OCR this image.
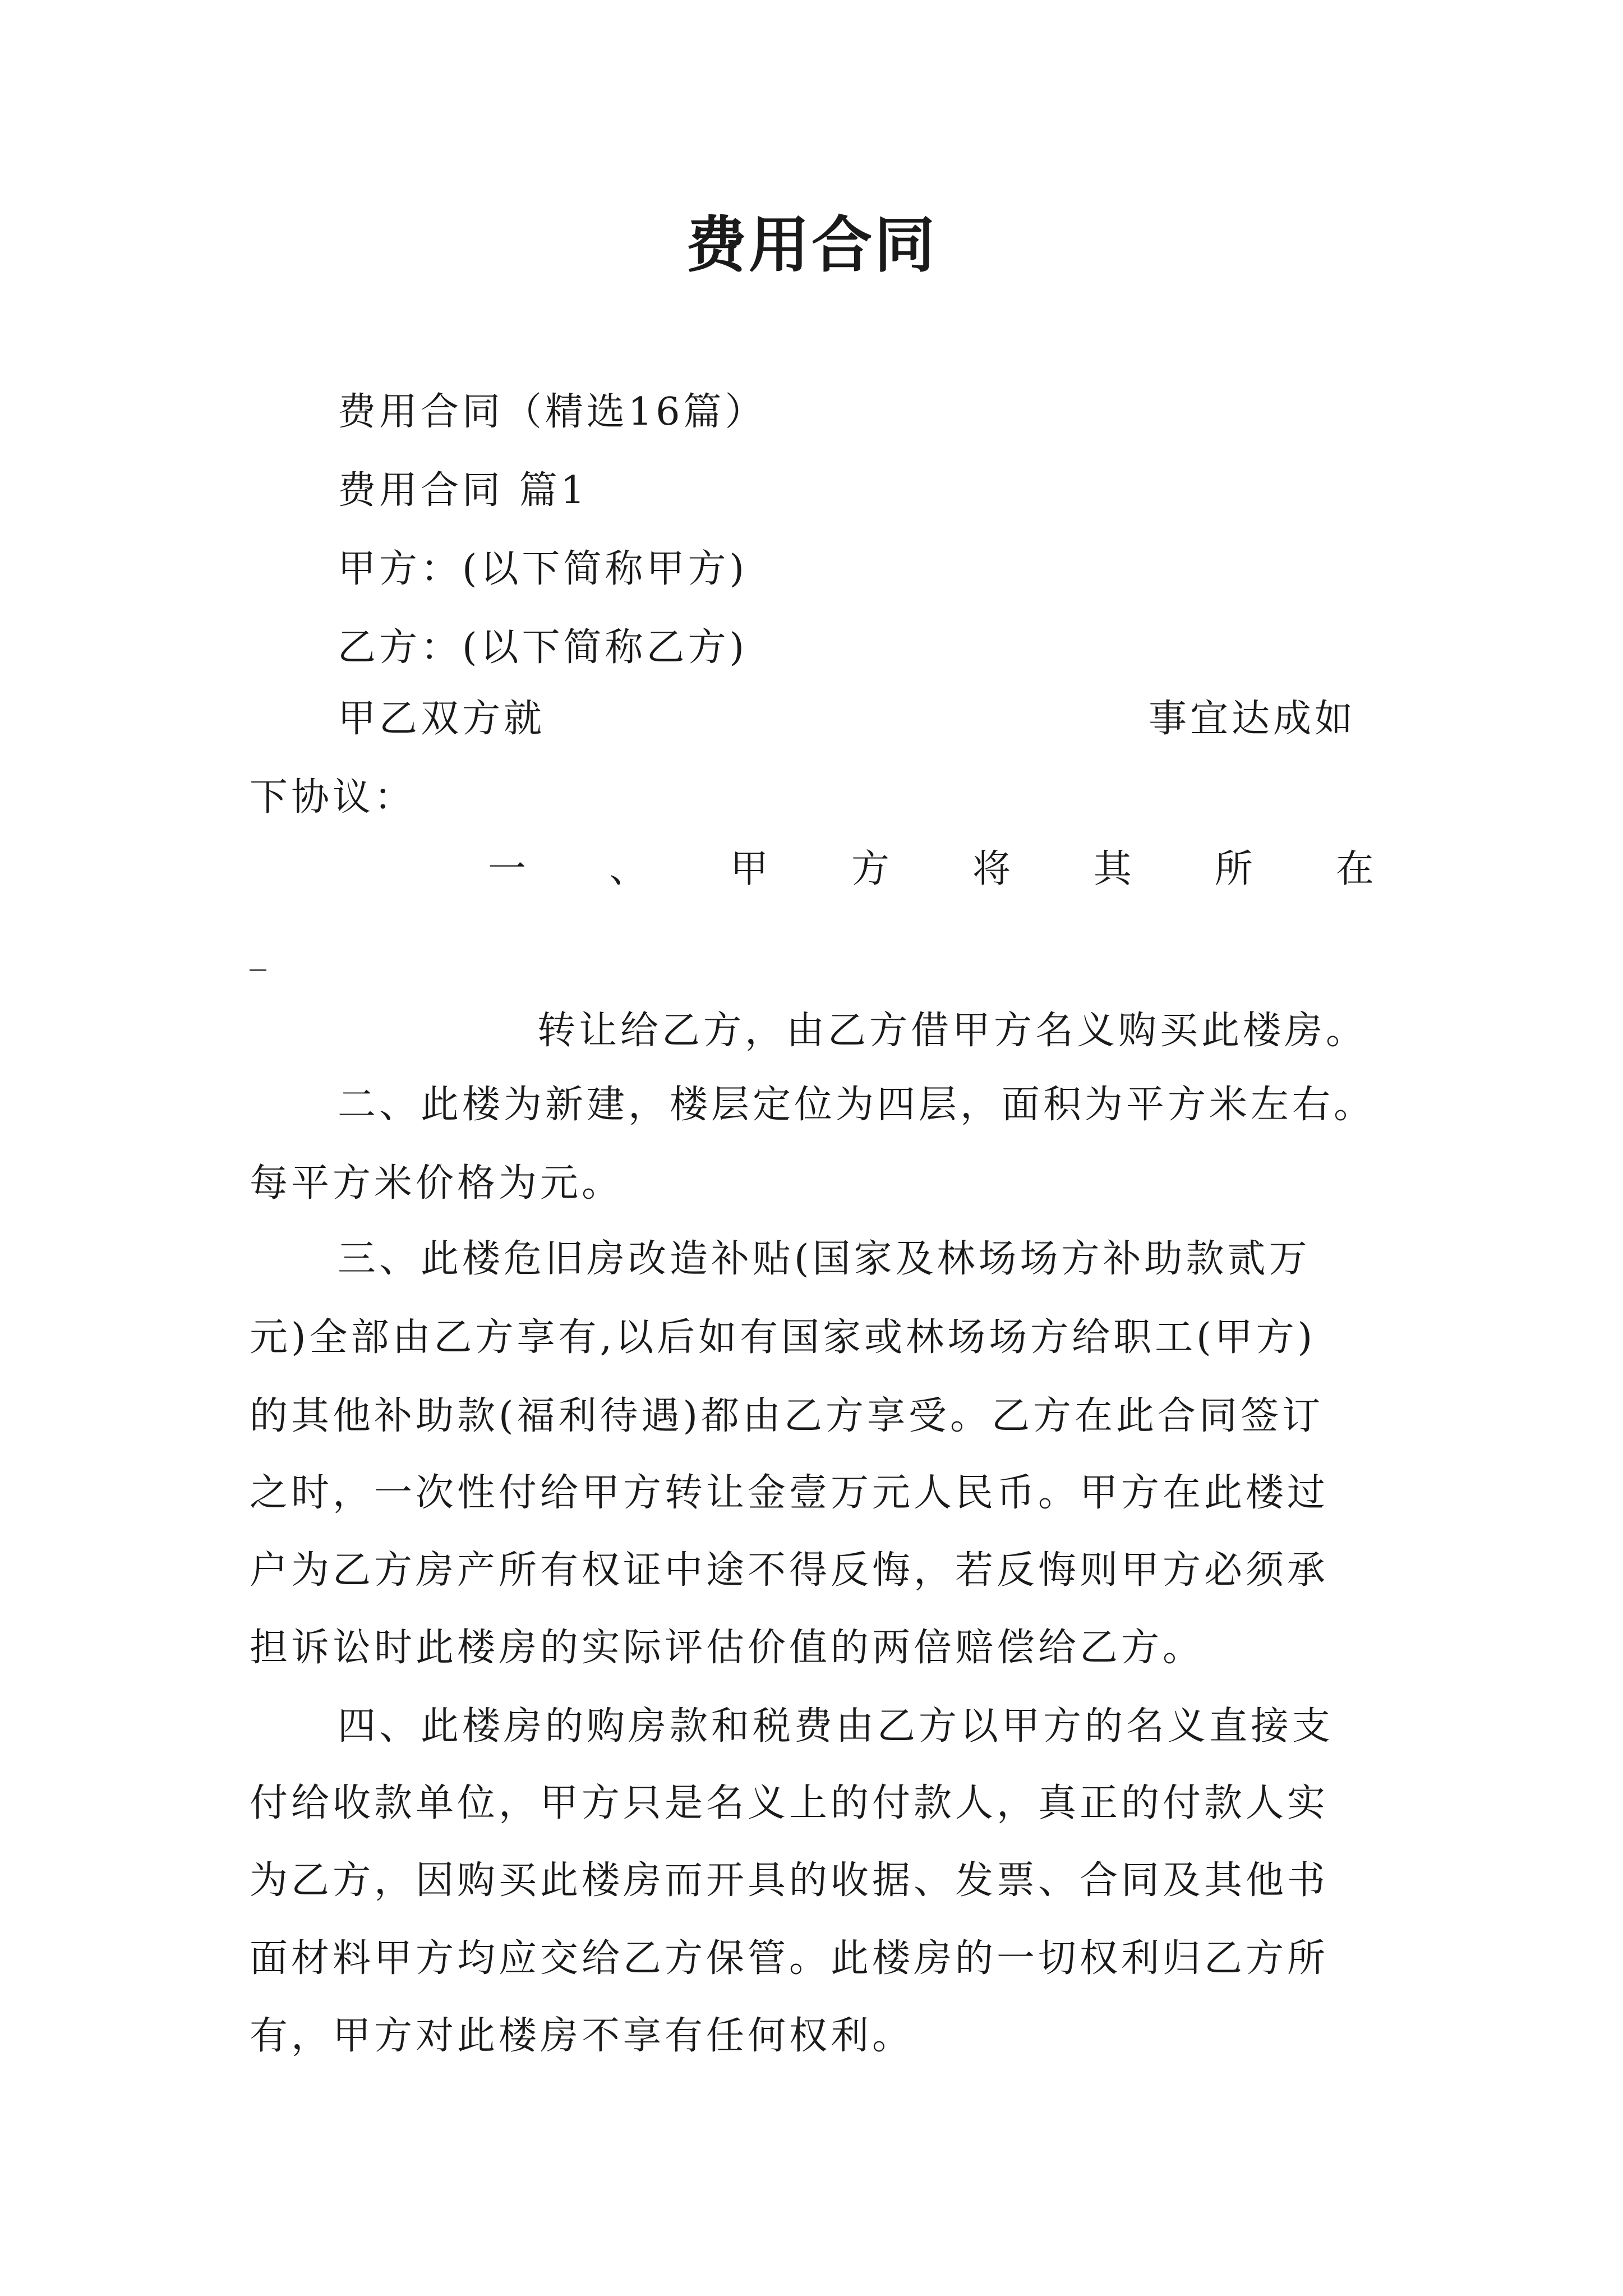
费用合同
费用合同（精选16篇）
费用合同 篇1
甲方：(以下简称甲方)
乙方：(以下简称乙方)
甲乙双方就	事宜达成如
下协议：
一 、 甲 方 将 其 所 在
转让给乙方，由乙方借甲方名义购买此楼房。
二、此楼为新建，楼层定位为四层，面积为平方米左右。
每平方米价格为元。
三、此楼危旧房改造补贴(国家及林场场方补助款贰万
元)全部由乙方享有,以后如有国家或林场场方给职工(甲方)
的其他补助款(福利待遇)都由乙方享受。乙方在此合同签订
之时，一次性付给甲方转让金壹万元人民币。甲方在此楼过
户为乙方房产所有权证中途不得反悔，若反悔则甲方必须承
担诉讼时此楼房的实际评估价值的两倍赔偿给乙方。
四、此楼房的购房款和税费由乙方以甲方的名义直接支
付给收款单位，甲方只是名义上的付款人，真正的付款人实
为乙方，因购买此楼房而开具的收据、发票、合同及其他书
面材料甲方均应交给乙方保管。此楼房的一切权利归乙方所
有，甲方对此楼房不享有任何权利。
